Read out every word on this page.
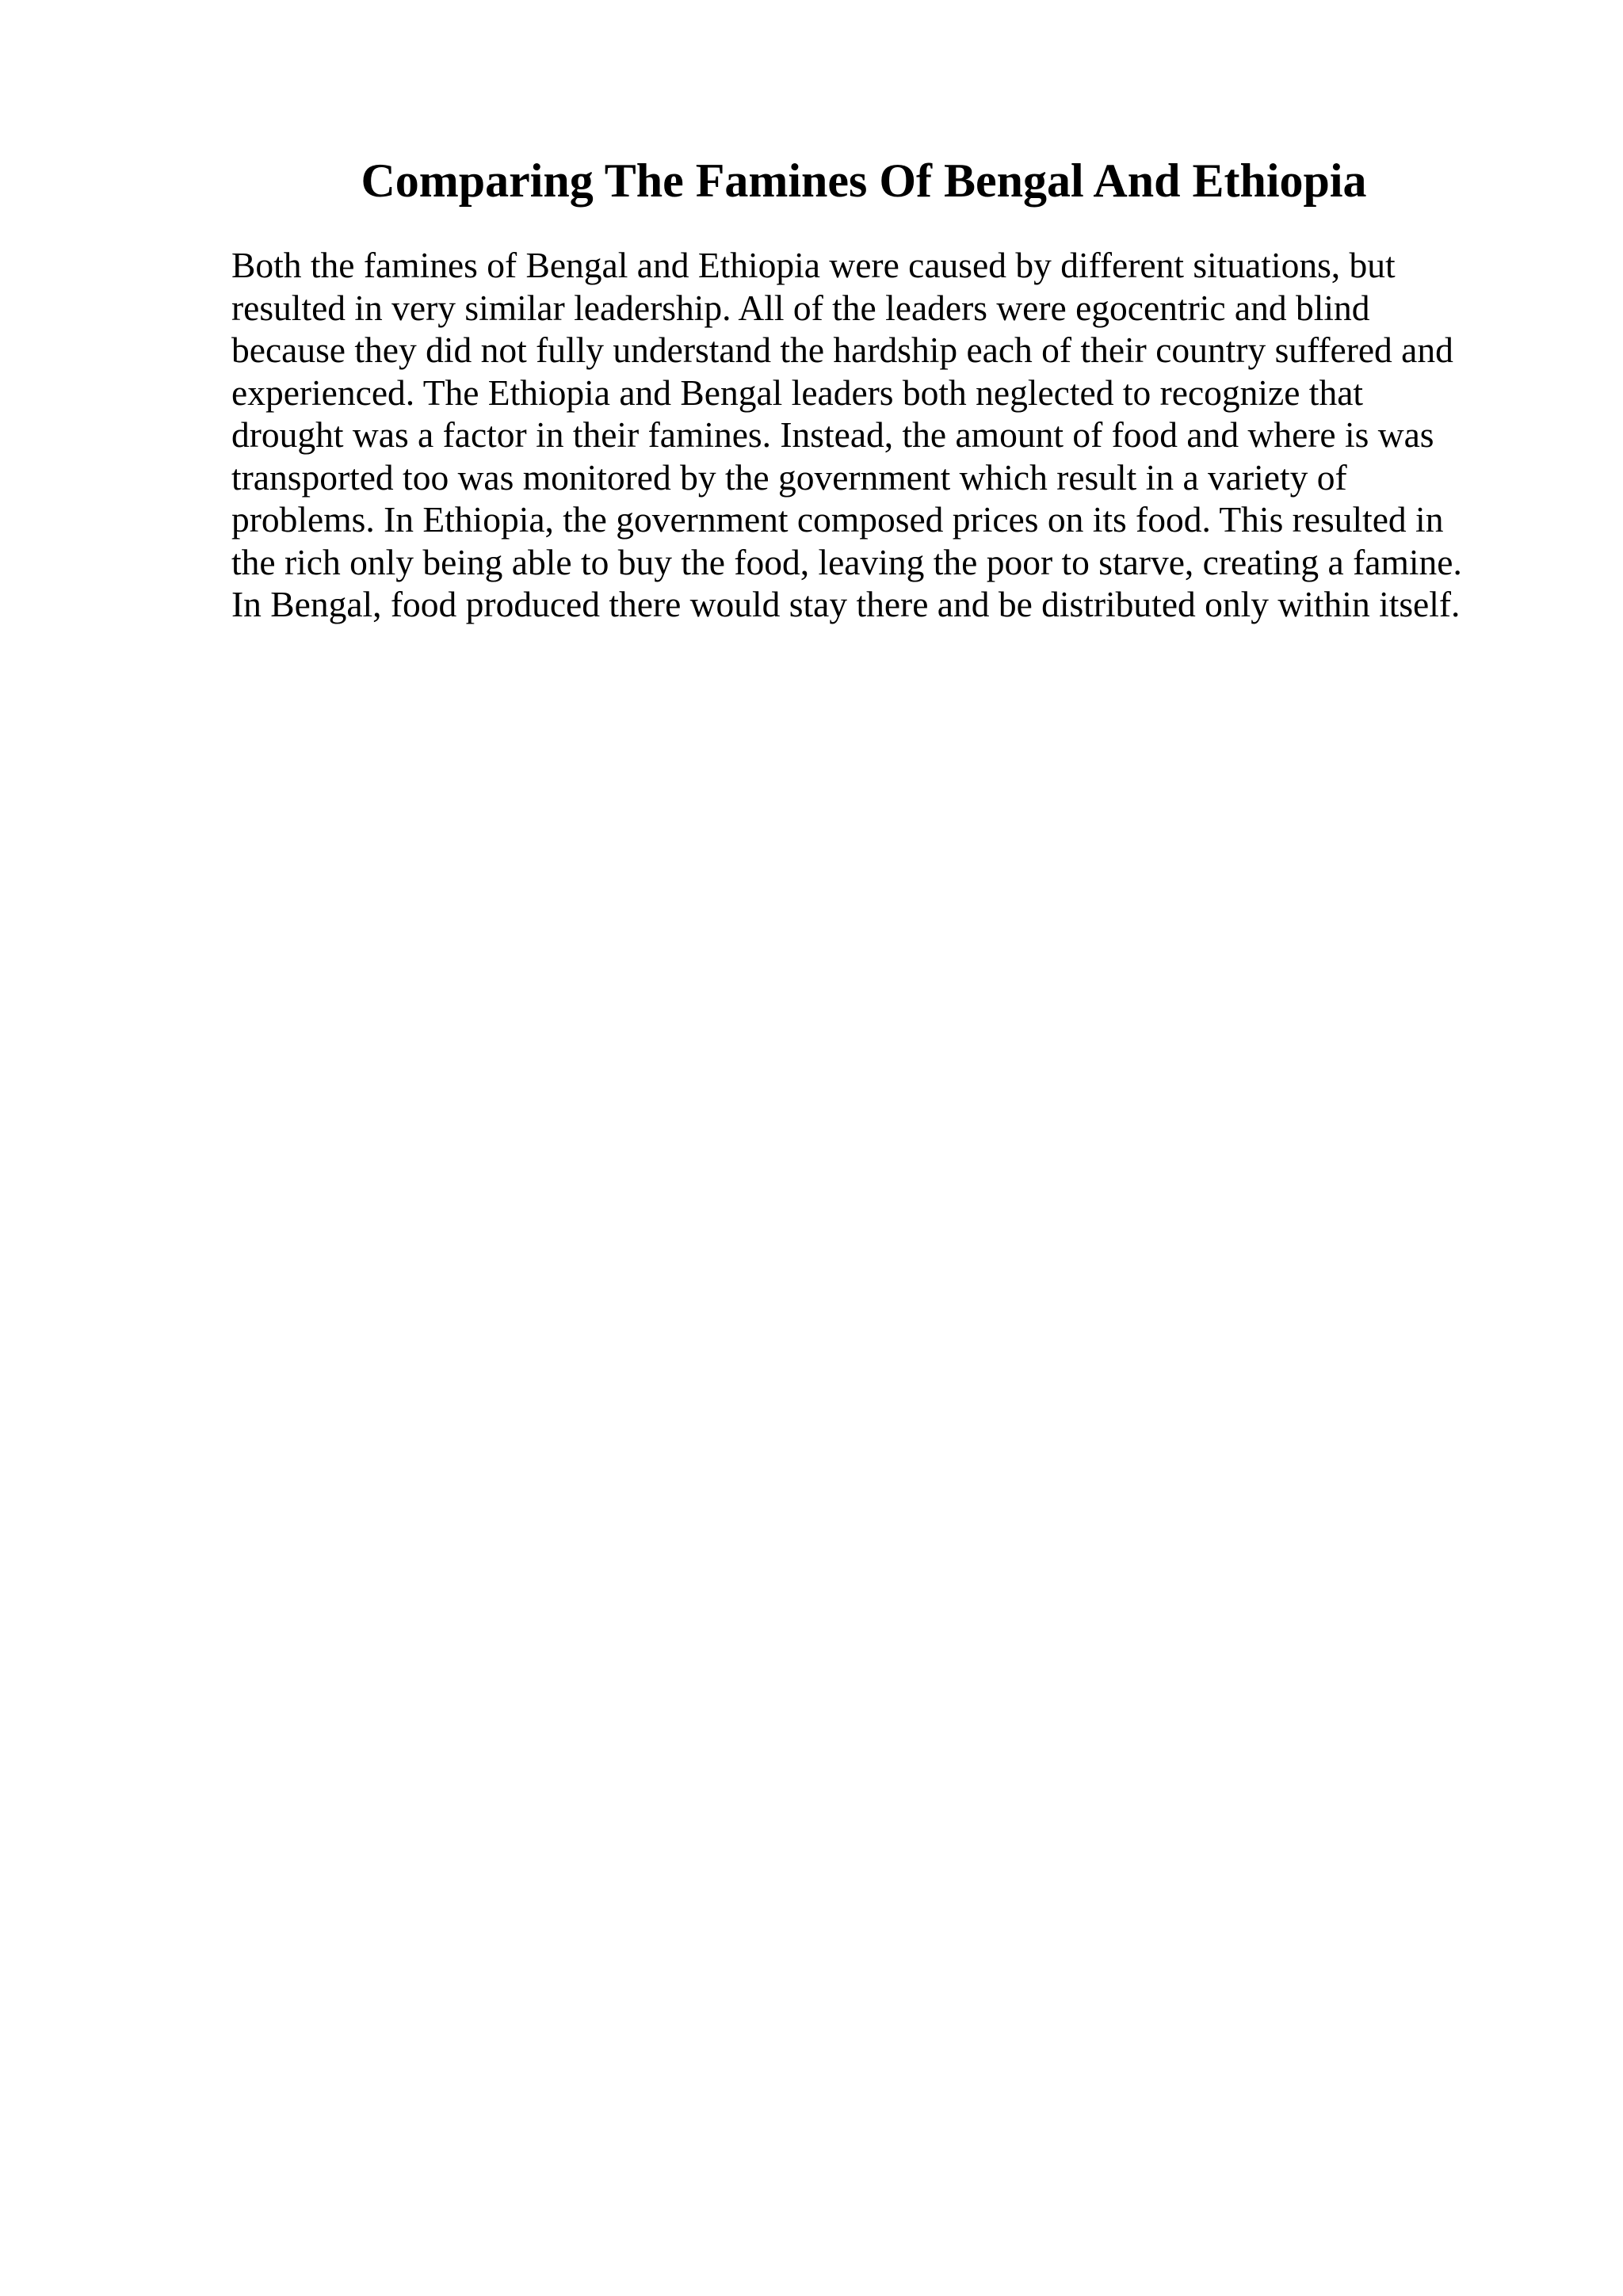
Comparing The Famines Of Bengal And Ethiopia
Both the famines of Bengal and Ethiopia were caused by different situations, but
resulted in very similar leadership. All of the leaders were egocentric and blind
because they did not fully understand the hardship each of their country suffered and
experienced. The Ethiopia and Bengal leaders both neglected to recognize that
drought was a factor in their famines. Instead, the amount of food and where is was
transported too was monitored by the government which result in a variety of
problems. In Ethiopia, the government composed prices on its food. This resulted in
the rich only being able to buy the food, leaving the poor to starve, creating a famine.
In Bengal, food produced there would stay there and be distributed only within itself.
